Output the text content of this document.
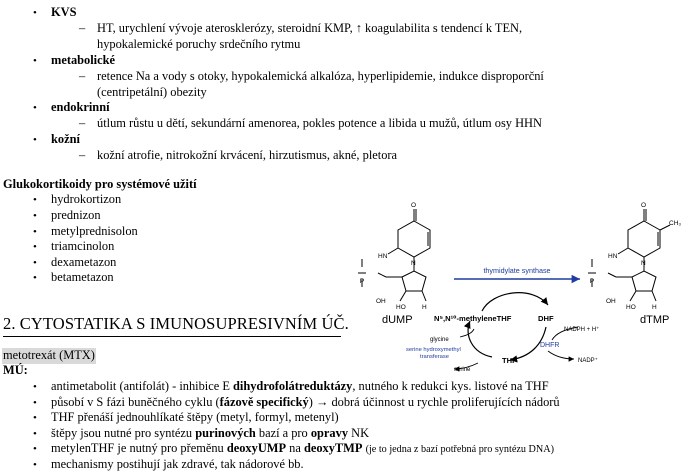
• KVS
– HT, urychlení vývoje aterosklerózy, steroidní KMP, ↑ koagulabilita s tendencí k TEN,
hypokalemické poruchy srdečního rytmu
• metabolické
– retence Na a vody s otoky, hypokalemická alkalóza, hyperlipidemie, indukce disproporční
(centripetální) obezity
• endokrinní
– útlum růstu u dětí, sekundární amenorea, pokles potence a libida u mužů, útlum osy HHN
• kožní
– kožní atrofie, nitrokožní krvácení, hirzutismus, akné, pletora
Glukokortikoidy pro systémové užití
• hydrokortizon
• prednizon
• metylprednisolon
• triamcinolon
• dexametazon
• betametazon
2. CYTOSTATIKA S IMUNOSUPRESIVNÍM ÚČ.
metotrexát (MTX)
MÚ:
• antimetabolit (antifolát) - inhibice E dihydrofolátreduktázy, nutného k redukci kys. listové na THF
• působí v S fázi buněčného cyklu (fázově specifický) → dobrá účinnost u rychle proliferujících nádorů
• THF přenáší jednouhlíkaté štěpy (metyl, formyl, metenyl)
• štěpy jsou nutné pro syntézu purinových bazí a pro opravy NK
• metylenTHF je nutný pro přeměnu deoxyUMP na deoxyTMP (je to jedna z bazí potřebná pro syntézu DNA)
• mechanismy postihují jak zdravé, tak nádorové bb.
O
HN
P
N
OH
HO	H
dUMP
O
HN
CH₃
P
N
OH
HO	H
dTMP
thymidylate synthase
N⁵,N¹⁰-methyleneTHF	DHF
THF
glycine
serine
serine hydroxymethyl
transferase
DHFR
NADPH + H⁺
NADP⁺
